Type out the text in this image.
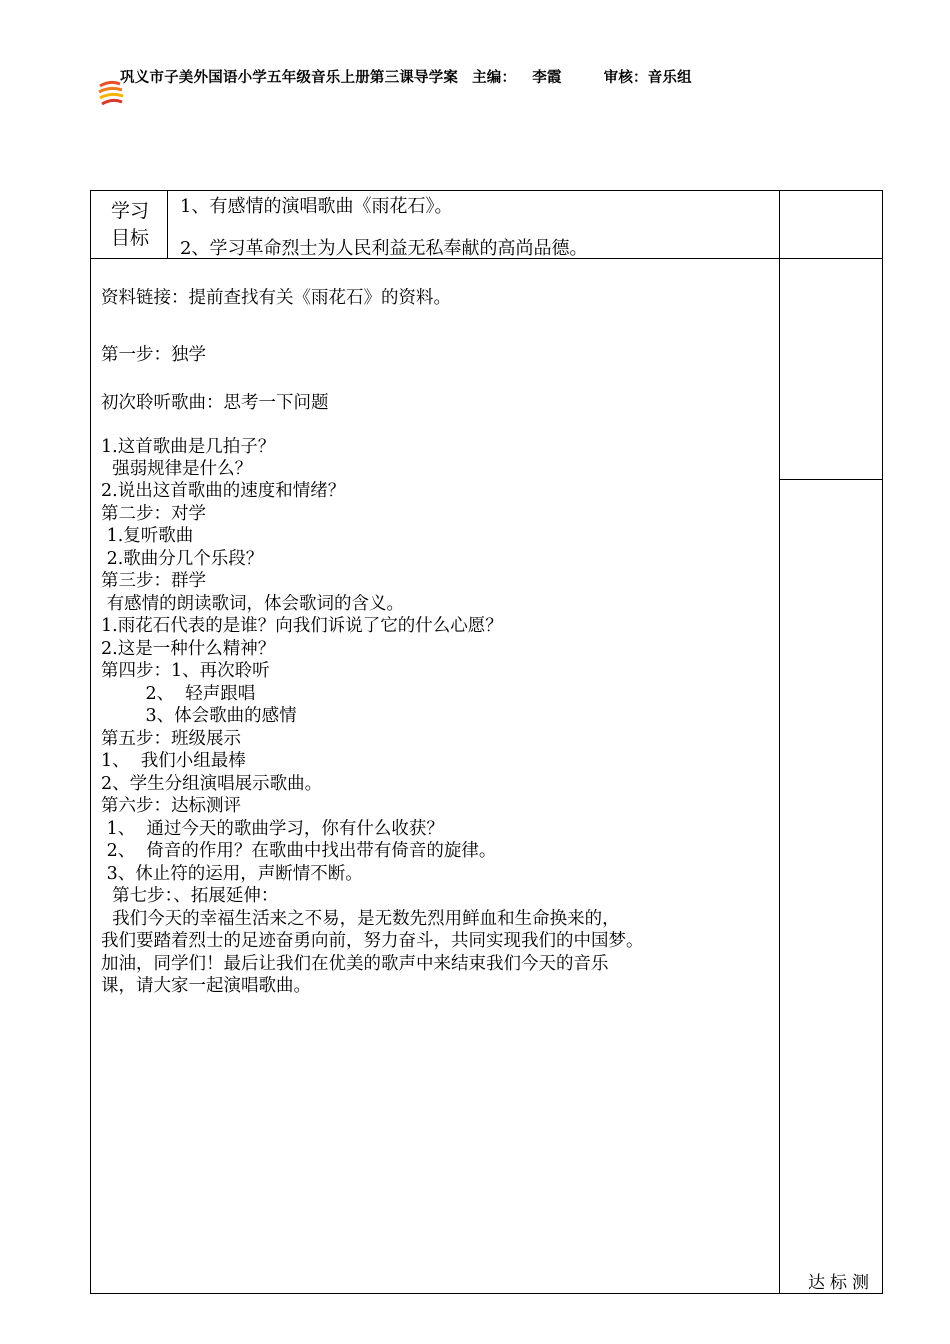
巩义市子美外国语小学五年级音乐上册第三课导学案 主编： 李霞	审核：音乐组
学习
目标
1、有感情的演唱歌曲《雨花石》。
2、学习革命烈士为人民利益无私奉献的高尚品德。
资料链接：提前查找有关《雨花石》的资料。
第一步：独学
初次聆听歌曲：思考一下问题
1.这首歌曲是几拍子？
强弱规律是什么？
2.说出这首歌曲的速度和情绪？
第二步：对学
1.复听歌曲
2.歌曲分几个乐段？
第三步：群学
有感情的朗读歌词，体会歌词的含义。
1.雨花石代表的是谁？向我们诉说了它的什么心愿？
2.这是一种什么精神？
第四步：1、再次聆听
2、  轻声跟唱
3、体会歌曲的感情
第五步：班级展示
1、  我们小组最棒
2、学生分组演唱展示歌曲。
第六步：达标测评
1、  通过今天的歌曲学习，你有什么收获？
2、  倚音的作用？在歌曲中找出带有倚音的旋律。
3、休止符的运用，声断情不断。
第七步：、拓展延伸：
我们今天的幸福生活来之不易，是无数先烈用鲜血和生命换来的，
我们要踏着烈士的足迹奋勇向前，努力奋斗，共同实现我们的中国梦。
加油，同学们！最后让我们在优美的歌声中来结束我们今天的音乐
课，请大家一起演唱歌曲。
达标测
